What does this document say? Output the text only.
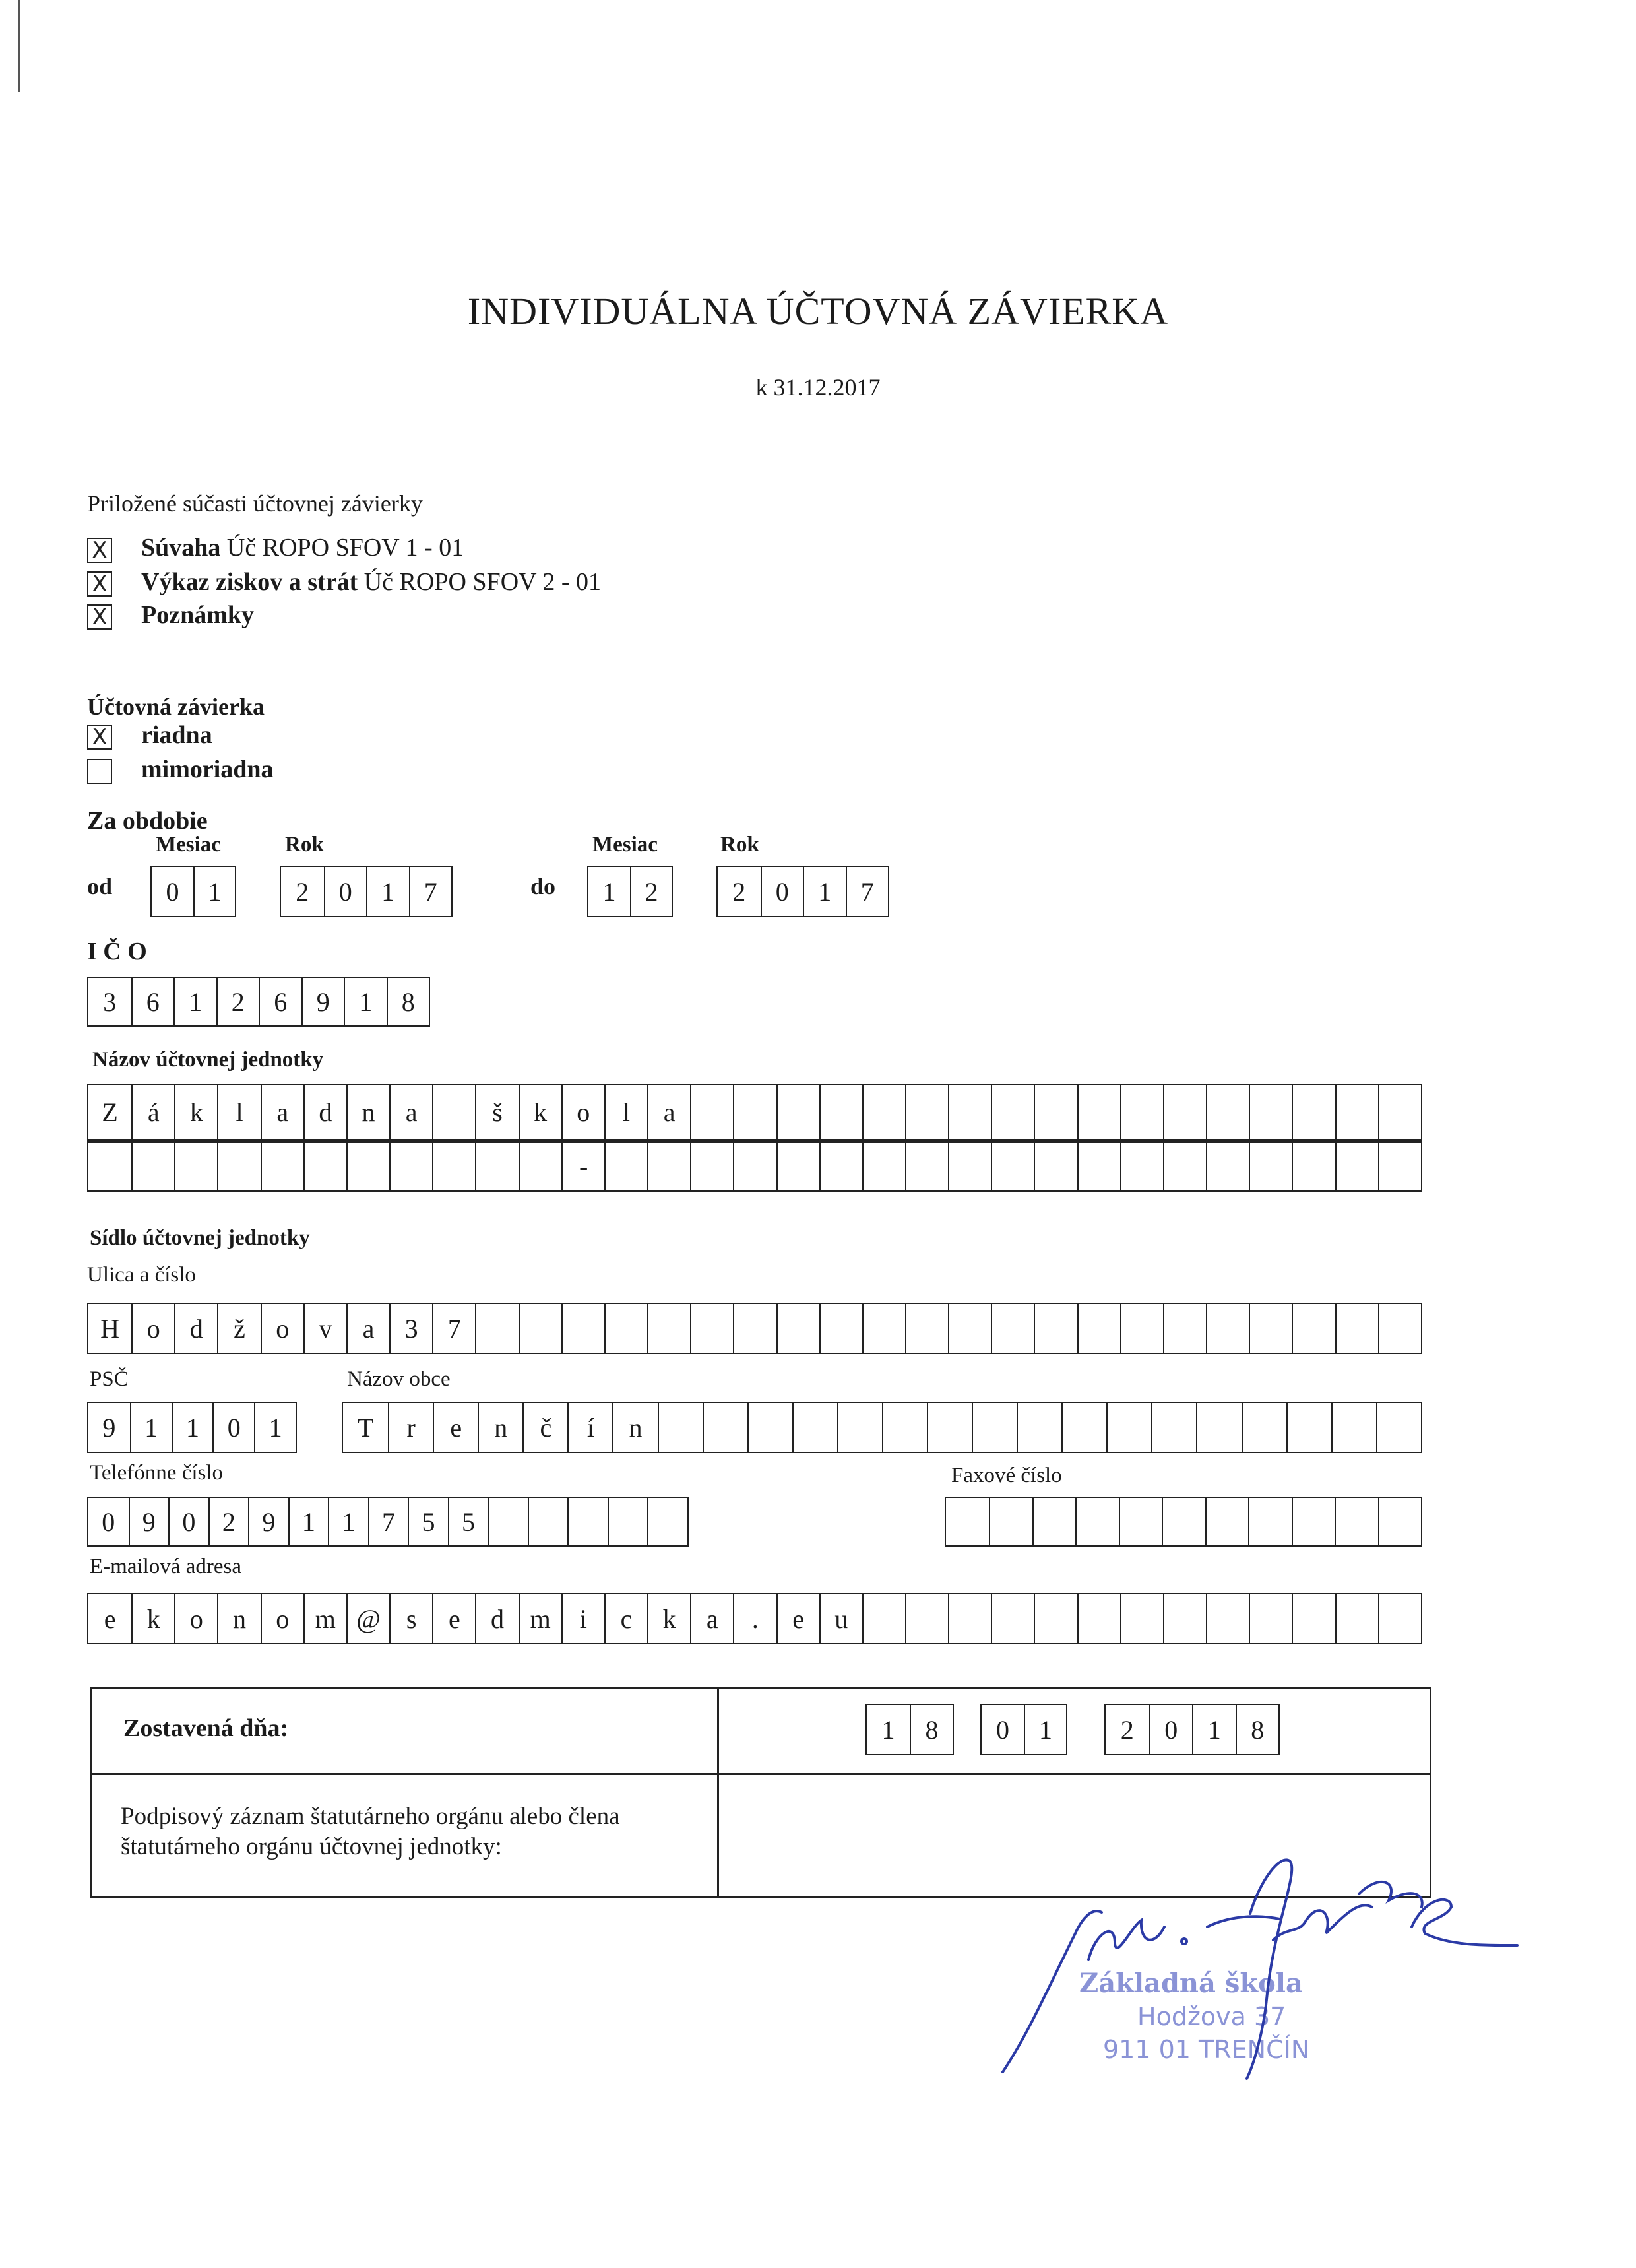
INDIVIDUÁLNA ÚČTOVNÁ ZÁVIERKA
k 31.12.2017
Priložené súčasti účtovnej závierky
X Súvaha Úč ROPO SFOV 1 - 01
X Výkaz ziskov a strát Úč ROPO SFOV 2 - 01
X Poznámky
Účtovná závierka
X riadna
mimoriadna
Za obdobie
Mesiac	Rok	Mesiac	Rok
od	do
0	1	2	0	1	7	1	2	2	0	1	7
I Č O
3	6	1	2	6	9	1	8
Názov účtovnej jednotky
Z	á	k	l	a	d	n	a	š	k	o	l	a
-
Sídlo účtovnej jednotky
Ulica a číslo
H	o	d	ž	o	v	a	3	7
PSČ	Názov obce
9	1	1	0	1	T	r	e	n	č	í	n
Telefónne číslo	Faxové číslo
0	9	0	2	9	1	1	7	5	5
E-mailová adresa
e	k	o	n	o m @ s	e	d m	i	c	k	a	.	e	u
Zostavená dňa:
Podpisový záznam štatutárneho orgánu alebo člena
štatutárneho orgánu účtovnej jednotky:
1	8	0	1	2	0	1	8
Základná škola
Hodžova 37
911 01 TRENČÍN
